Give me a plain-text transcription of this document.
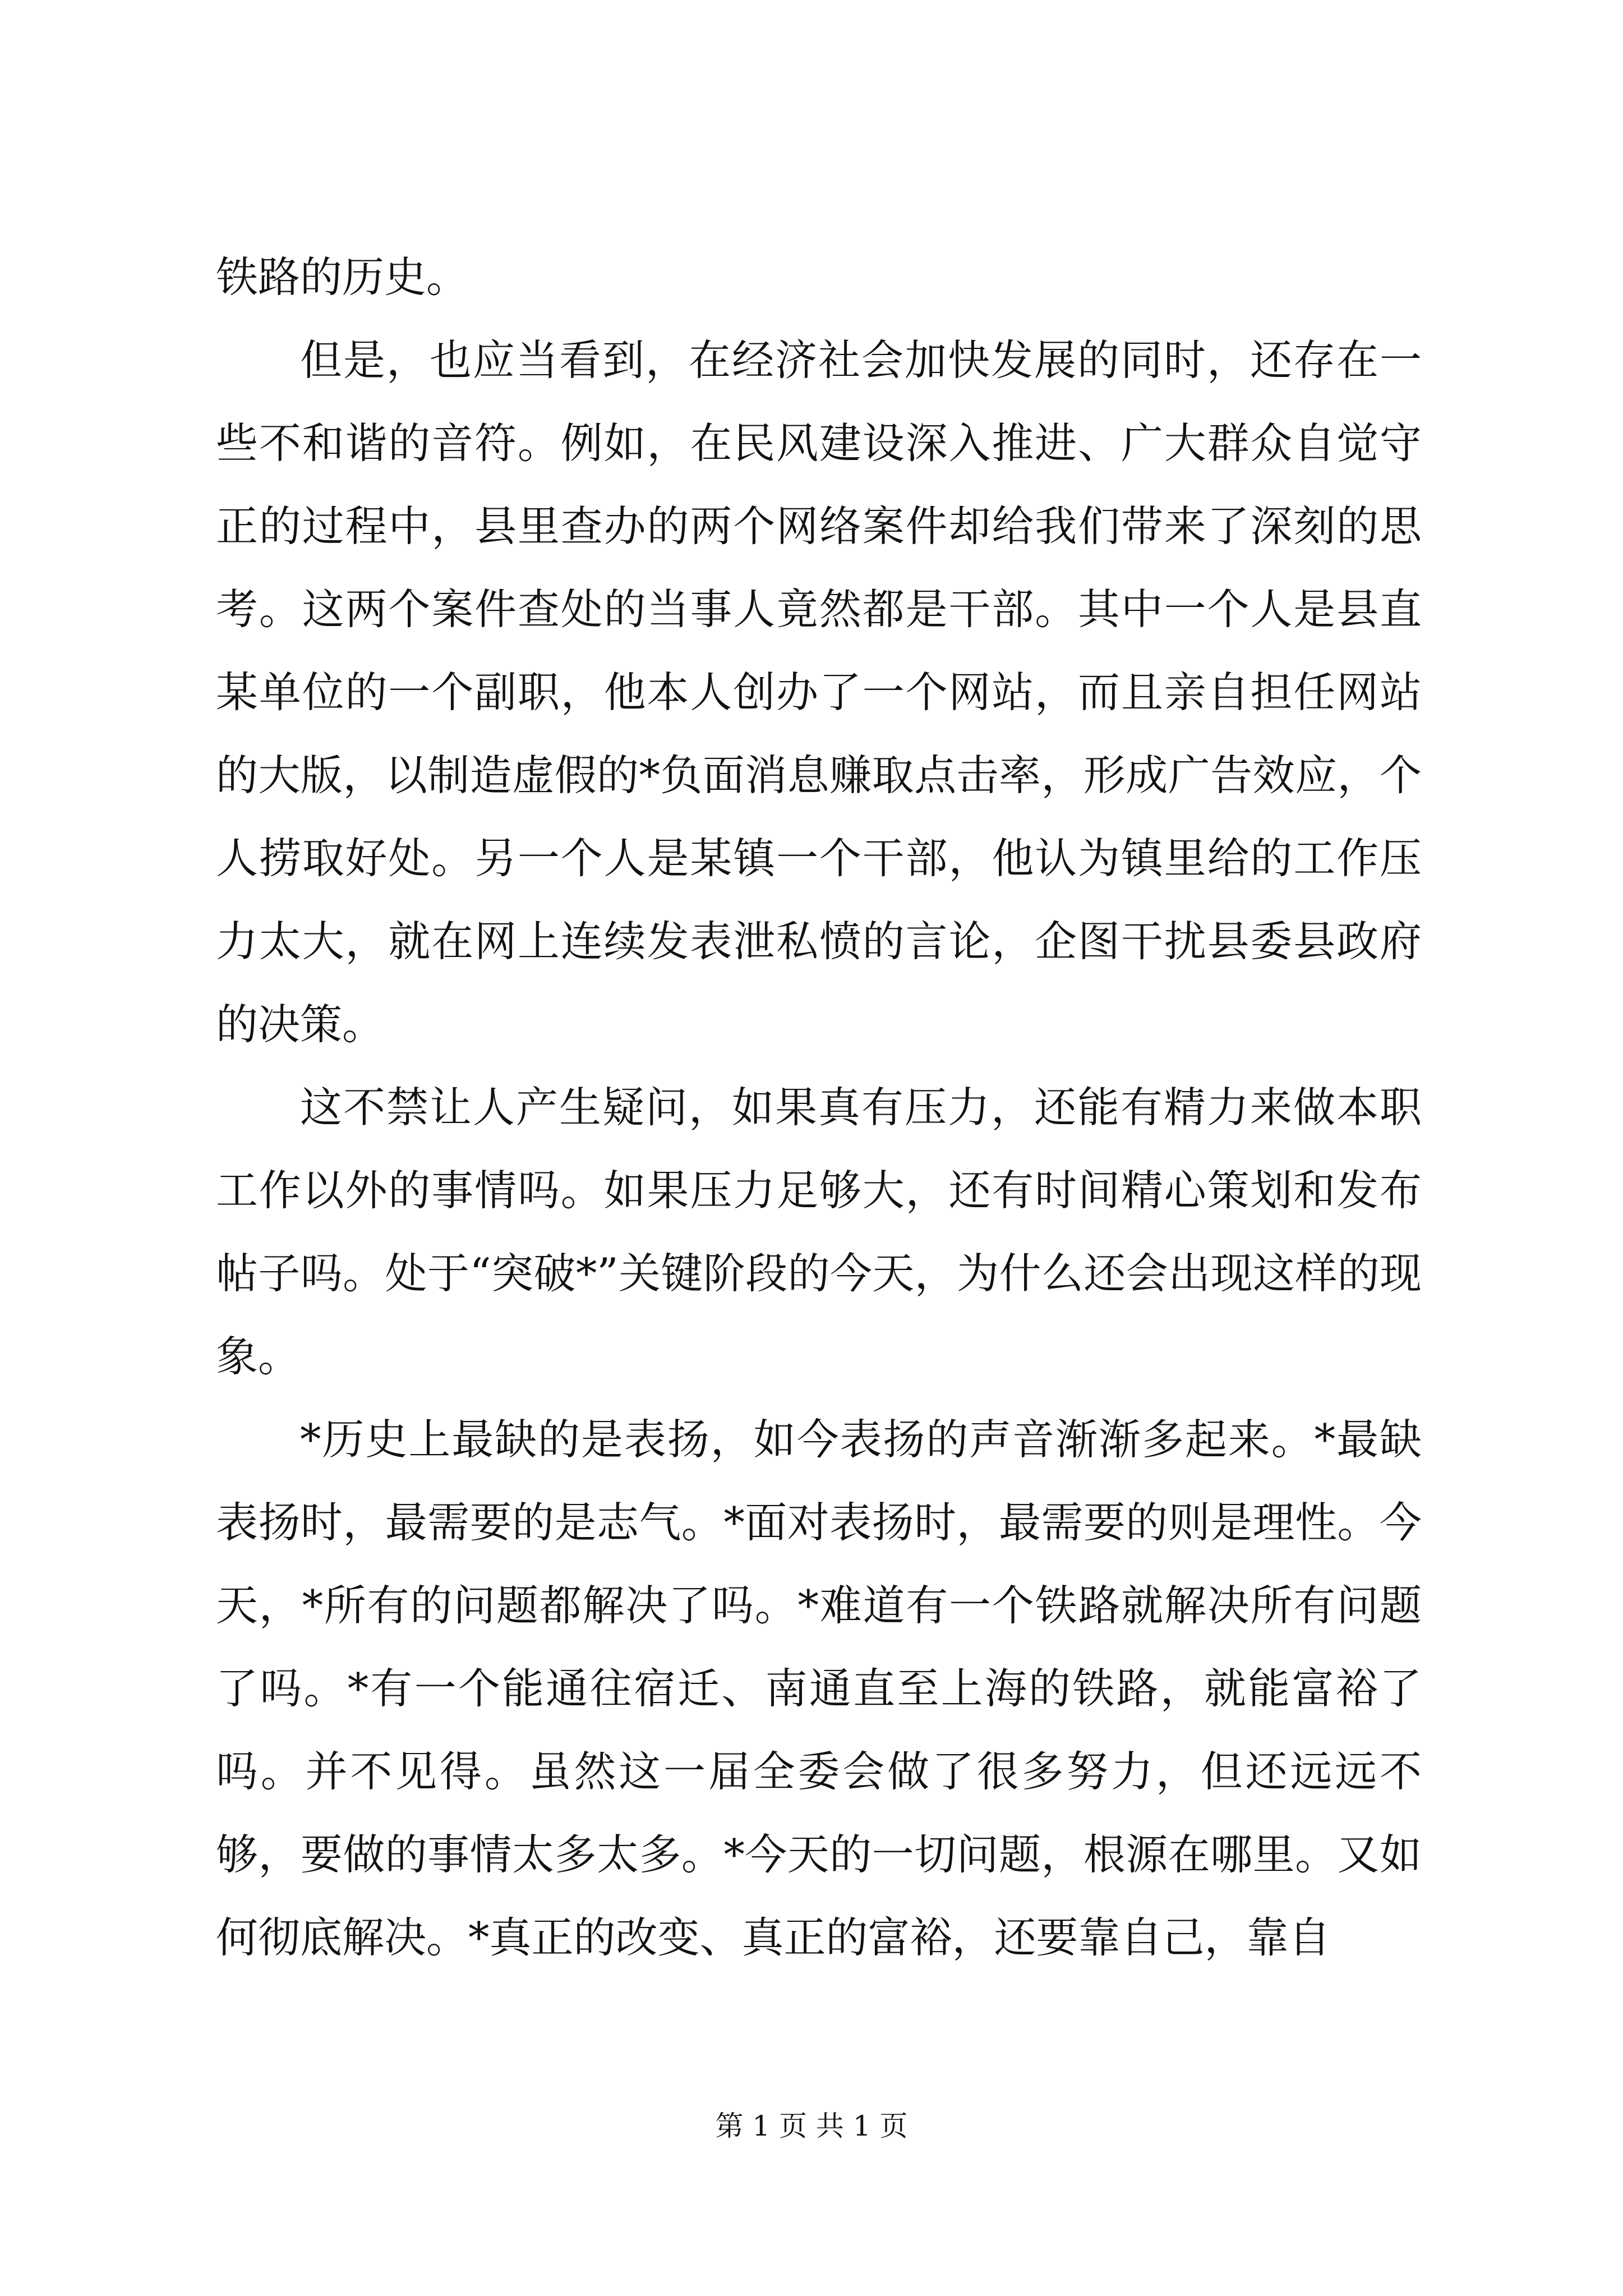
铁路的历史。

但是，也应当看到，在经济社会加快发展的同时，还存在一些不和谐的音符。例如，在民风建设深入推进、广大群众自觉守正的过程中，县里查办的两个网络案件却给我们带来了深刻的思考。这两个案件查处的当事人竟然都是干部。其中一个人是县直某单位的一个副职，他本人创办了一个网站，而且亲自担任网站的大版，以制造虚假的*负面消息赚取点击率，形成广告效应，个人捞取好处。另一个人是某镇一个干部，他认为镇里给的工作压力太大，就在网上连续发表泄私愤的言论，企图干扰县委县政府的决策。

这不禁让人产生疑问，如果真有压力，还能有精力来做本职工作以外的事情吗。如果压力足够大，还有时间精心策划和发布帖子吗。处于“突破*”关键阶段的今天，为什么还会出现这样的现象。

*历史上最缺的是表扬，如今表扬的声音渐渐多起来。*最缺表扬时，最需要的是志气。*面对表扬时，最需要的则是理性。今天，*所有的问题都解决了吗。*难道有一个铁路就解决所有问题了吗。*有一个能通往宿迁、南通直至上海的铁路，就能富裕了吗。并不见得。虽然这一届全委会做了很多努力，但还远远不够，要做的事情太多太多。*今天的一切问题，根源在哪里。又如何彻底解决。*真正的改变、真正的富裕，还要靠自己，靠自

第 1 页 共 1 页
